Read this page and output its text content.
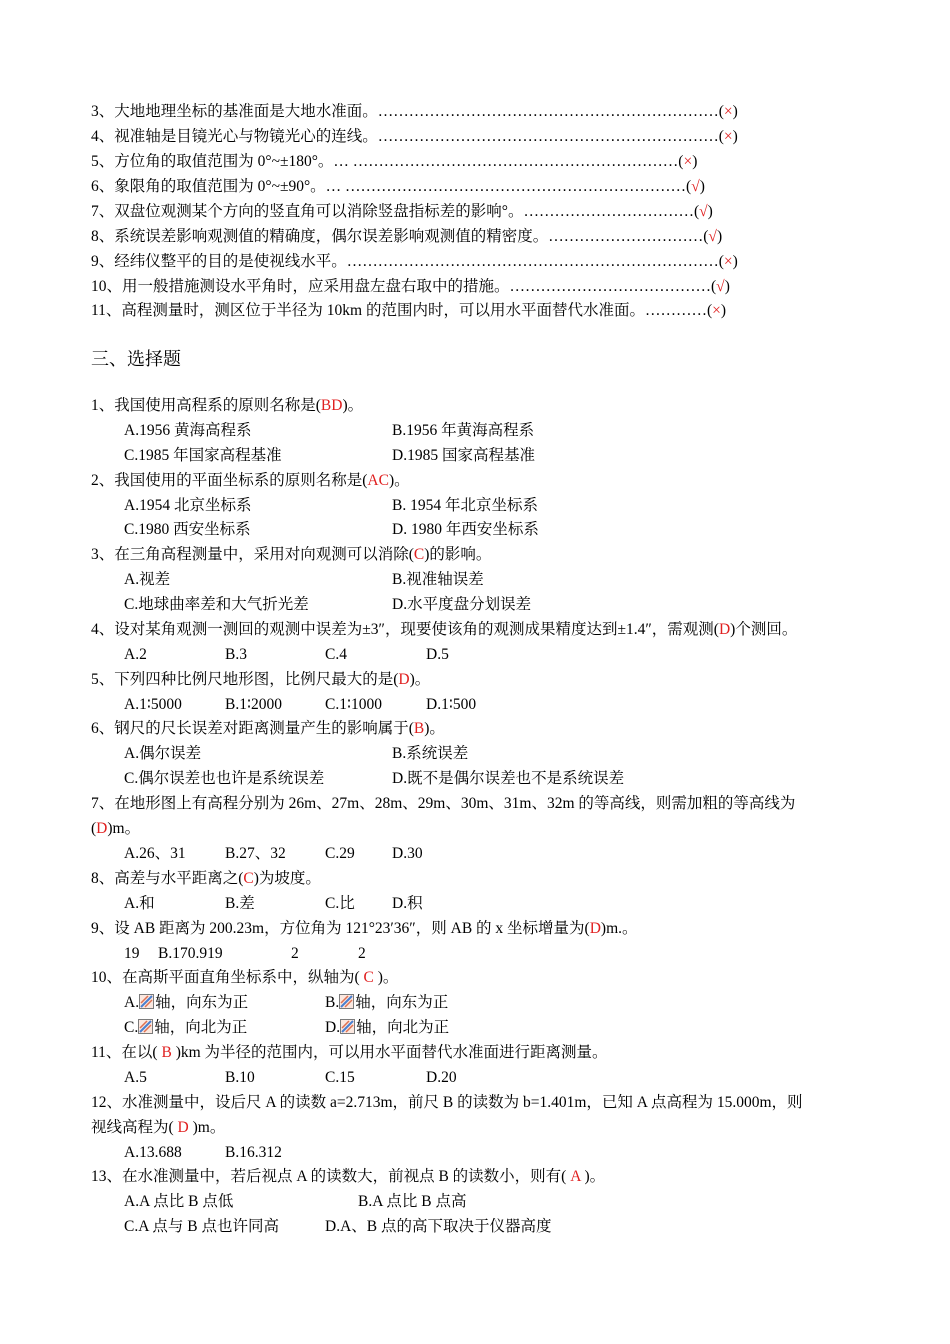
3、大地地理坐标的基准面是大地水准面。…………………………………………………………(×)
4、视准轴是目镜光心与物镜光心的连线。…………………………………………………………(×)
5、方位角的取值范围为 0°~±180°。… ………………………………………………………(×)
6、象限角的取值范围为 0°~±90°。… …………………………………………………………(√)
7、双盘位观测某个方向的竖直角可以消除竖盘指标差的影响°。……………………………(√)
8、系统误差影响观测值的精确度，偶尔误差影响观测值的精密度。…………………………(√)
9、经纬仪整平的目的是使视线水平。………………………………………………………………(×)
10、用一般措施测设水平角时，应采用盘左盘右取中的措施。…………………………………(√)
11、高程测量时，测区位于半径为 10km 的范围内时，可以用水平面替代水准面。…………(×)
三、选择题
1、我国使用高程系的原则名称是(BD)。
A.1956 黄海高程系	B.1956 年黄海高程系
C.1985 年国家高程基准	D.1985 国家高程基准
2、我国使用的平面坐标系的原则名称是(AC)。
A.1954 北京坐标系	B. 1954 年北京坐标系
C.1980 西安坐标系	D. 1980 年西安坐标系
3、在三角高程测量中，采用对向观测可以消除(C)的影响。
A.视差	B.视准轴误差
C.地球曲率差和大气折光差	D.水平度盘分划误差
4、设对某角观测一测回的观测中误差为±3″，现要使该角的观测成果精度达到±1.4″，需观测(D)个测回。
A.2	B.3	C.4	D.5
5、下列四种比例尺地形图，比例尺最大的是(D)。
A.1∶5000	B.1∶2000	C.1∶1000	D.1∶500
6、钢尺的尺长误差对距离测量产生的影响属于(B)。
A.偶尔误差	B.系统误差
C.偶尔误差也也许是系统误差	D.既不是偶尔误差也不是系统误差
7、在地形图上有高程分别为 26m、27m、28m、29m、30m、31m、32m 的等高线，则需加粗的等高线为
(D)m。
A.26、31	B.27、32	C.29 D.30
8、高差与水平距离之(C)为坡度。
A.和	B.差	C.比 D.积
9、设 AB 距离为 200.23m，方位角为 121°23′36″，则 AB 的 x 坐标增量为(D)m.。
19 B.170.919	2	2
10、在高斯平面直角坐标系中，纵轴为( C )。
A. 轴，向东为正	B. 轴，向东为正
C. 轴，向北为正	D. 轴，向北为正
11、在以( B )km 为半径的范围内，可以用水平面替代水准面进行距离测量。
A.5	B.10	C.15	D.20
12、水准测量中，设后尺 A 的读数 a=2.713m，前尺 B 的读数为 b=1.401m，已知 A 点高程为 15.000m，则
视线高程为( D )m。
A.13.688	B.16.312
13、在水准测量中，若后视点 A 的读数大，前视点 B 的读数小，则有( A )。
A.A 点比 B 点低	B.A 点比 B 点高
C.A 点与 B 点也许同高	D.A、B 点的高下取决于仪器高度
